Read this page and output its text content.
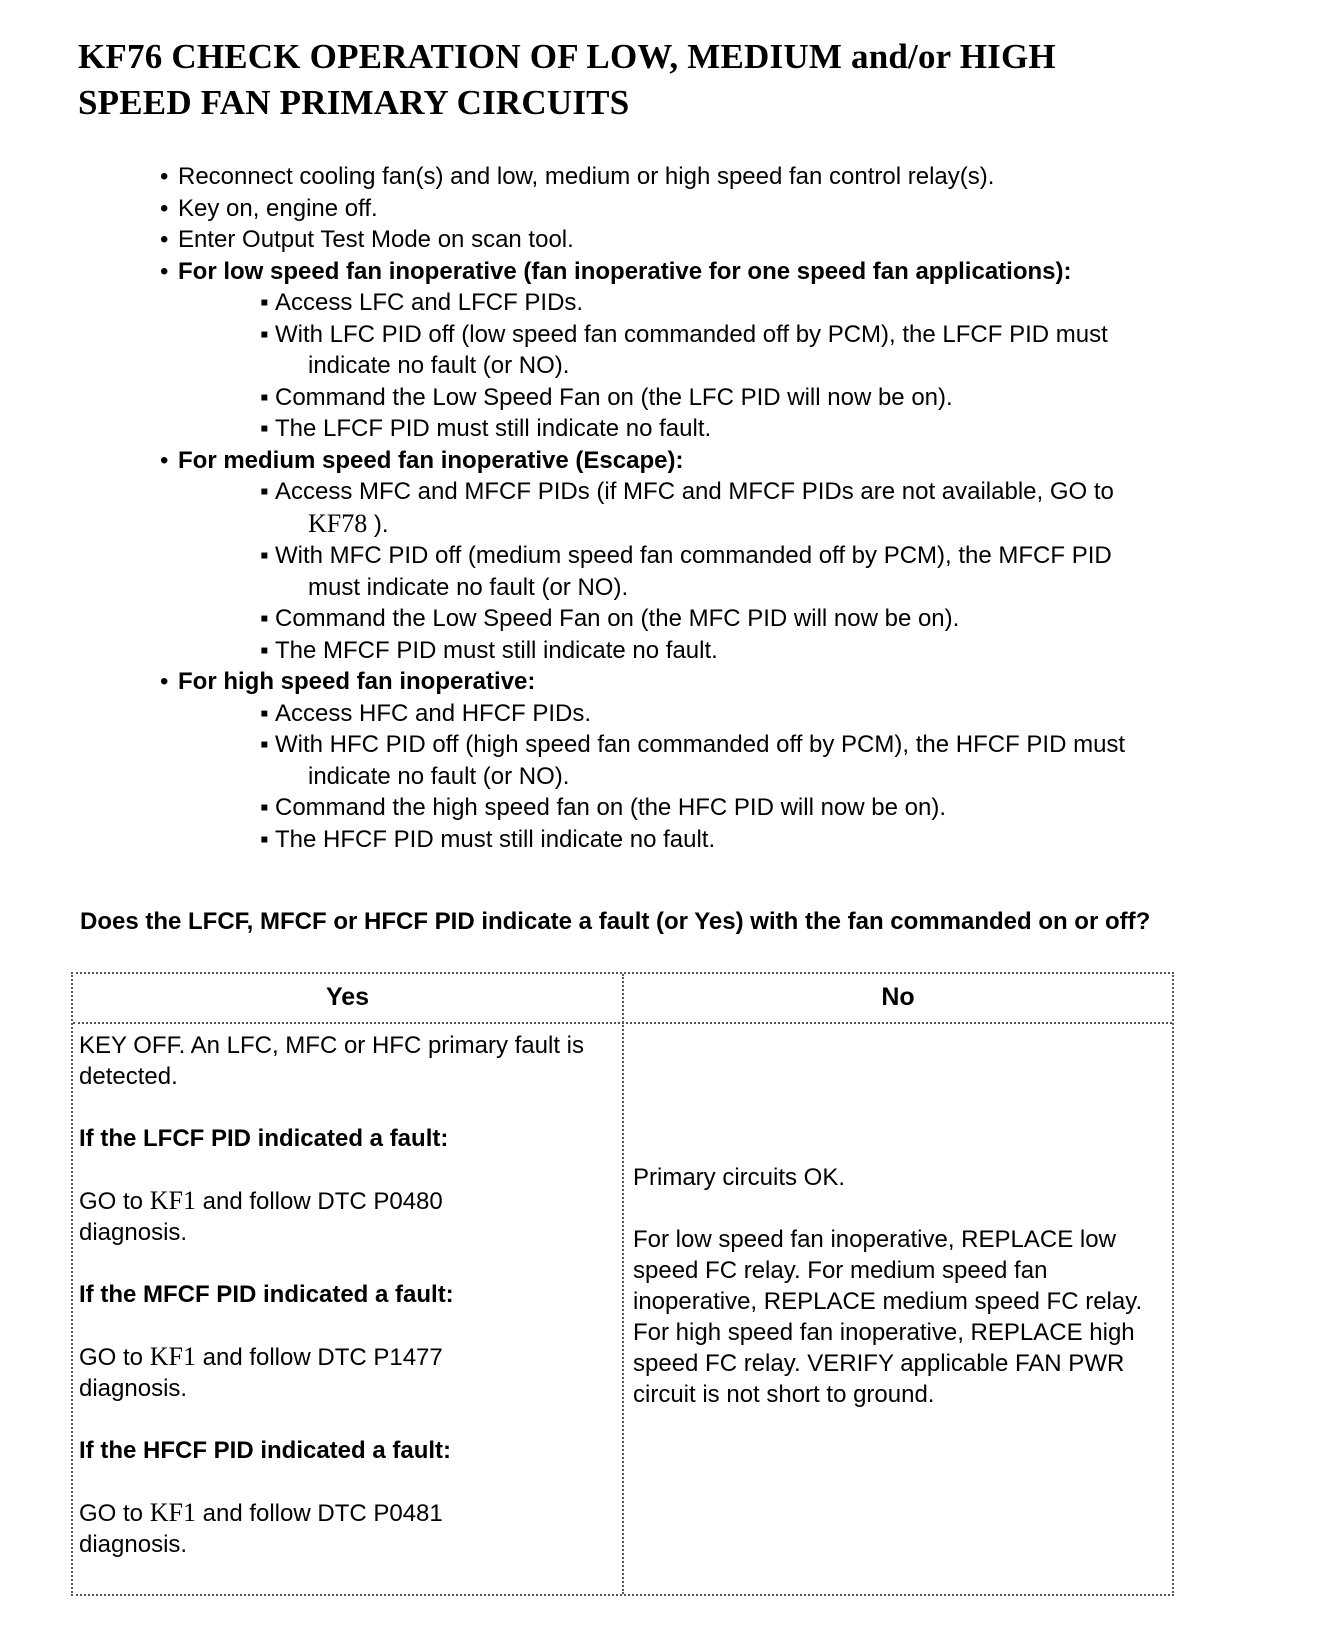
KF76 CHECK OPERATION OF LOW, MEDIUM and/or HIGH
SPEED FAN PRIMARY CIRCUITS
• Reconnect cooling fan(s) and low, medium or high speed fan control relay(s).
• Key on, engine off.
• Enter Output Test Mode on scan tool.
• For low speed fan inoperative (fan inoperative for one speed fan applications):
▪ Access LFC and LFCF PIDs.
▪ With LFC PID off (low speed fan commanded off by PCM), the LFCF PID must
indicate no fault (or NO).
▪ Command the Low Speed Fan on (the LFC PID will now be on).
▪ The LFCF PID must still indicate no fault.
• For medium speed fan inoperative (Escape):
▪ Access MFC and MFCF PIDs (if MFC and MFCF PIDs are not available, GO to
KF78 ).
▪ With MFC PID off (medium speed fan commanded off by PCM), the MFCF PID
must indicate no fault (or NO).
▪ Command the Low Speed Fan on (the MFC PID will now be on).
▪ The MFCF PID must still indicate no fault.
• For high speed fan inoperative:
▪ Access HFC and HFCF PIDs.
▪ With HFC PID off (high speed fan commanded off by PCM), the HFCF PID must
indicate no fault (or NO).
▪ Command the high speed fan on (the HFC PID will now be on).
▪ The HFCF PID must still indicate no fault.
Does the LFCF, MFCF or HFCF PID indicate a fault (or Yes) with the fan commanded on or off?
Yes	No

KEY OFF. An LFC, MFC or HFC primary fault is detected.

If the LFCF PID indicated a fault:

GO to KF1 and follow DTC P0480
diagnosis.

If the MFCF PID indicated a fault:

GO to KF1 and follow DTC P1477
diagnosis.

If the HFCF PID indicated a fault:

GO to KF1 and follow DTC P0481
diagnosis.

Primary circuits OK.

For low speed fan inoperative, REPLACE low speed FC relay. For medium speed fan inoperative, REPLACE medium speed FC relay. For high speed fan inoperative, REPLACE high speed FC relay. VERIFY applicable FAN PWR circuit is not short to ground.
